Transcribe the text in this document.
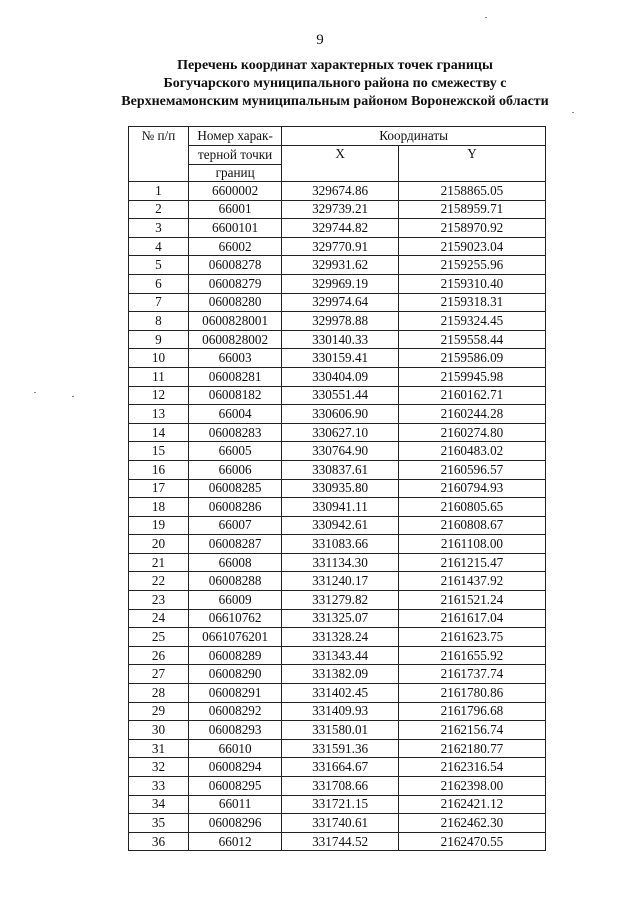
9
Перечень координат характерных точек границы
Богучарского муниципального района по смежеству с
Верхнемамонским муниципальным районом Воронежской области
№ п/п	Номер харак-	Координаты	
	терной точки	X	Y
	границ		
1	6600002	329674.86	2158865.05
2	66001	329739.21	2158959.71
3	6600101	329744.82	2158970.92
4	66002	329770.91	2159023.04
5	06008278	329931.62	2159255.96
6	06008279	329969.19	2159310.40
7	06008280	329974.64	2159318.31
8	0600828001	329978.88	2159324.45
9	0600828002	330140.33	2159558.44
10	66003	330159.41	2159586.09
11	06008281	330404.09	2159945.98
12	06008182	330551.44	2160162.71
13	66004	330606.90	2160244.28
14	06008283	330627.10	2160274.80
15	66005	330764.90	2160483.02
16	66006	330837.61	2160596.57
17	06008285	330935.80	2160794.93
18	06008286	330941.11	2160805.65
19	66007	330942.61	2160808.67
20	06008287	331083.66	2161108.00
21	66008	331134.30	2161215.47
22	06008288	331240.17	2161437.92
23	66009	331279.82	2161521.24
24	06610762	331325.07	2161617.04
25	0661076201	331328.24	2161623.75
26	06008289	331343.44	2161655.92
27	06008290	331382.09	2161737.74
28	06008291	331402.45	2161780.86
29	06008292	331409.93	2161796.68
30	06008293	331580.01	2162156.74
31	66010	331591.36	2162180.77
32	06008294	331664.67	2162316.54
33	06008295	331708.66	2162398.00
34	66011	331721.15	2162421.12
35	06008296	331740.61	2162462.30
36	66012	331744.52	2162470.55
